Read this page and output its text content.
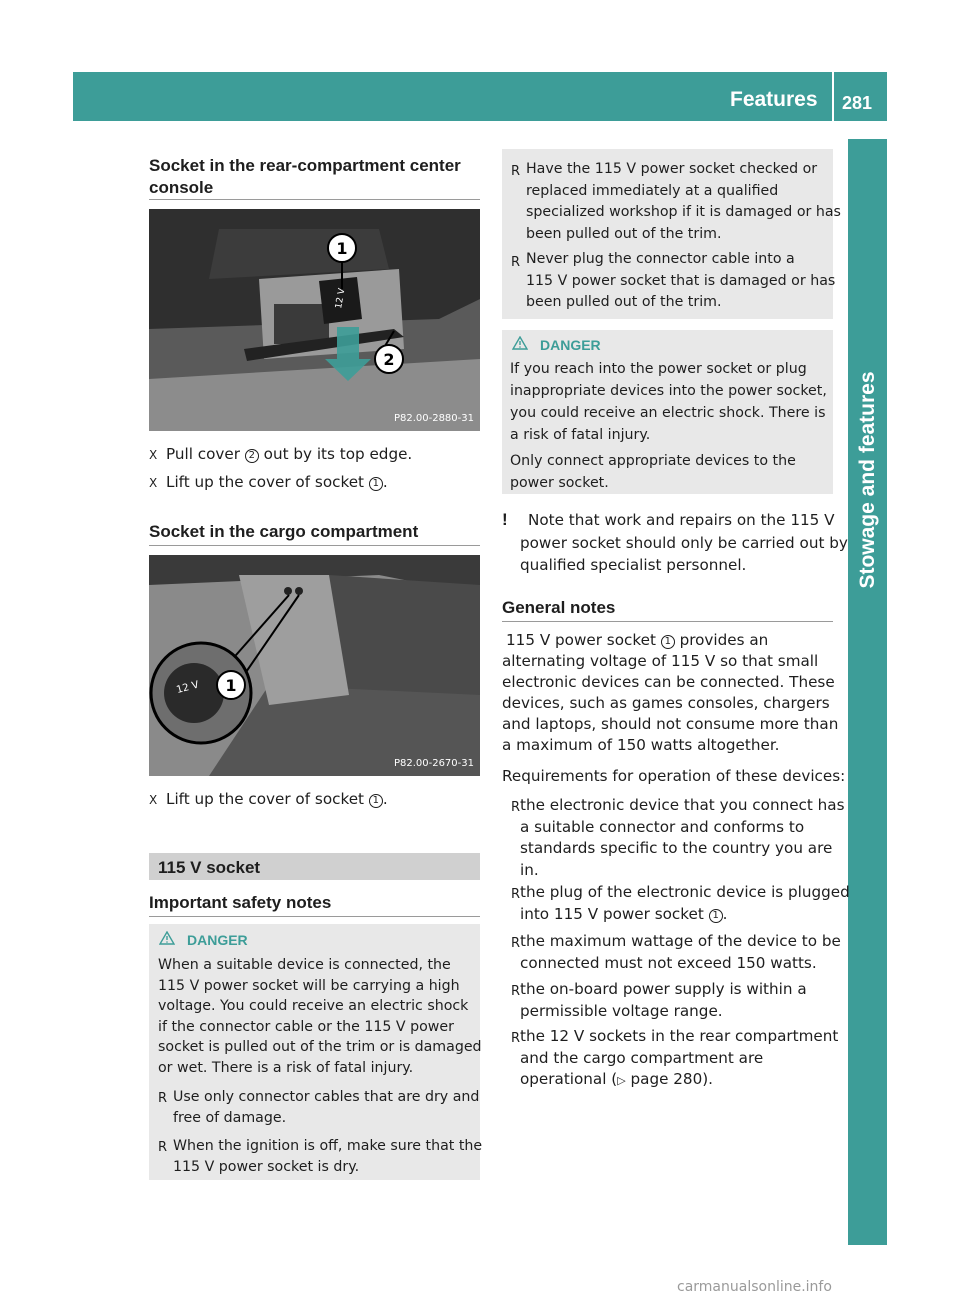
Features 281
Stowage and features
Socket in the rear-compartment center
console
12 V
1
2
P82.00-2880-31
X Pull cover 2 out by its top edge.
X Lift up the cover of socket 1 .
Socket in the cargo compartment
12 V 1
P82.00-2670-31
X Lift up the cover of socket 1 .
115 V socket
Important safety notes
DANGER
When a suitable device is connected, the
115 V power socket will be carrying a high
voltage. You could receive an electric shock
if the connector cable or the 115 V power
socket is pulled out of the trim or is damaged
or wet. There is a risk of fatal injury.
R Use only connector cables that are dry and
free of damage.
R When the ignition is off, make sure that the
115 V power socket is dry.
R Have the 115 V power socket checked or
replaced immediately at a qualified
specialized workshop if it is damaged or has
been pulled out of the trim.
R Never plug the connector cable into a
115 V power socket that is damaged or has
been pulled out of the trim.
DANGER
If you reach into the power socket or plug
inappropriate devices into the power socket,
you could receive an electric shock. There is
a risk of fatal injury.
Only connect appropriate devices to the
power socket.
!	Note that work and repairs on the 115 V
power socket should only be carried out by
qualified specialist personnel.
General notes
115 V power socket 1 provides an
alternating voltage of 115 V so that small
electronic devices can be connected. These
devices, such as games consoles, chargers
and laptops, should not consume more than
a maximum of 150 watts altogether.
Requirements for operation of these devices:
R the electronic device that you connect has
a suitable connector and conforms to
standards specific to the country you are
in.
R the plug of the electronic device is plugged
into 115 V power socket 1 .
R the maximum wattage of the device to be
connected must not exceed 150 watts.
R the on-board power supply is within a
permissible voltage range.
R the 12 V sockets in the rear compartment
and the cargo compartment are
operational (▷ page 280).
carmanualsonline.info
